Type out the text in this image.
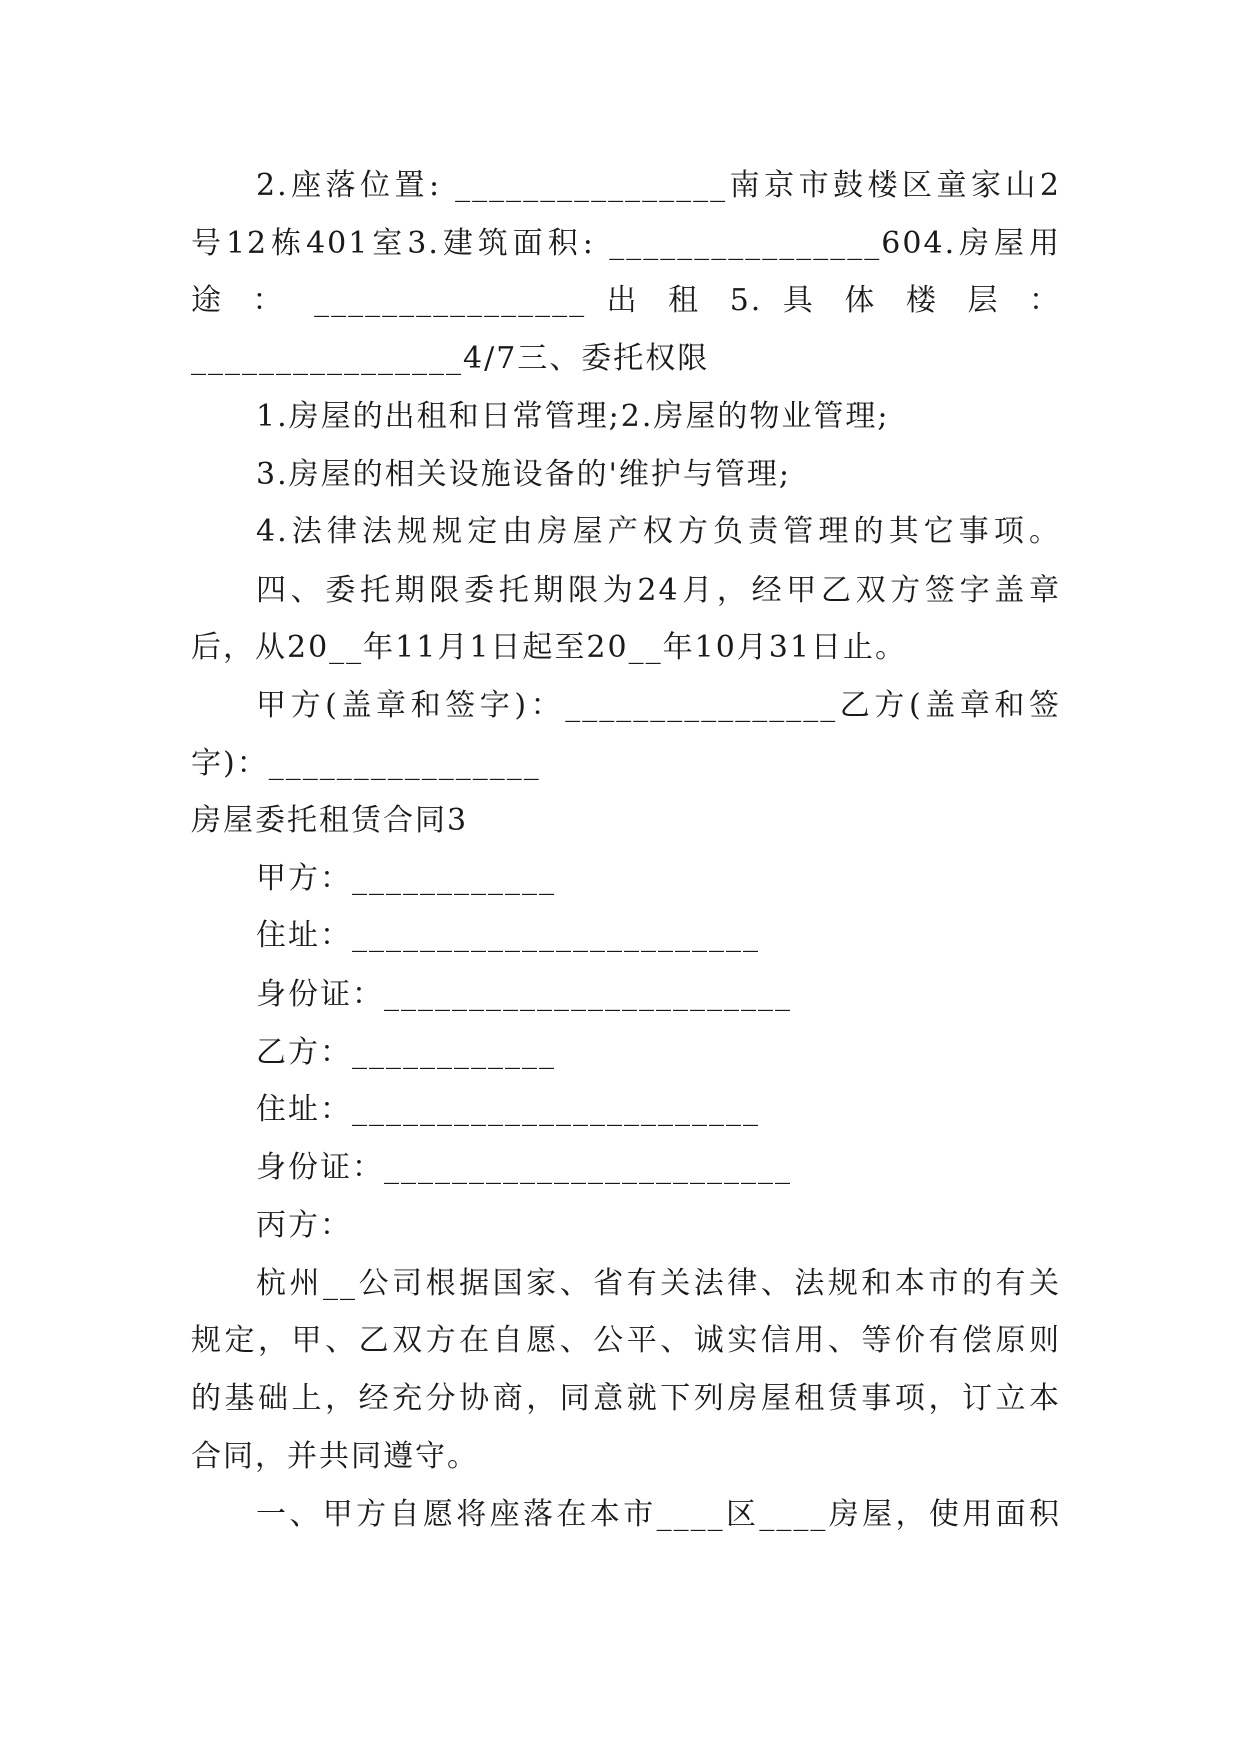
2.座落位置: ________________南京市鼓楼区童家山2
号12栋401室3.建筑面积: ________________604.房屋用
途 ： ________________ 出 租 5. 具 体 楼 层 ：
________________4/7三、委托权限
1.房屋的出租和日常管理;2.房屋的物业管理;
3.房屋的相关设施设备的'维护与管理;
4.法律法规规定由房屋产权方负责管理的其它事项。
四、委托期限委托期限为24月，经甲乙双方签字盖章
后，从20__年11月1日起至20__年10月31日止。
甲方(盖章和签字)：________________乙方(盖章和签
字)：________________
房屋委托租赁合同3
甲方：____________
住址：________________________
身份证：________________________
乙方：____________
住址：________________________
身份证：________________________
丙方：
杭州__公司根据国家、省有关法律、法规和本市的有关
规定，甲、乙双方在自愿、公平、诚实信用、等价有偿原则
的基础上，经充分协商，同意就下列房屋租赁事项，订立本
合同，并共同遵守。
一、甲方自愿将座落在本市____区____房屋，使用面积
